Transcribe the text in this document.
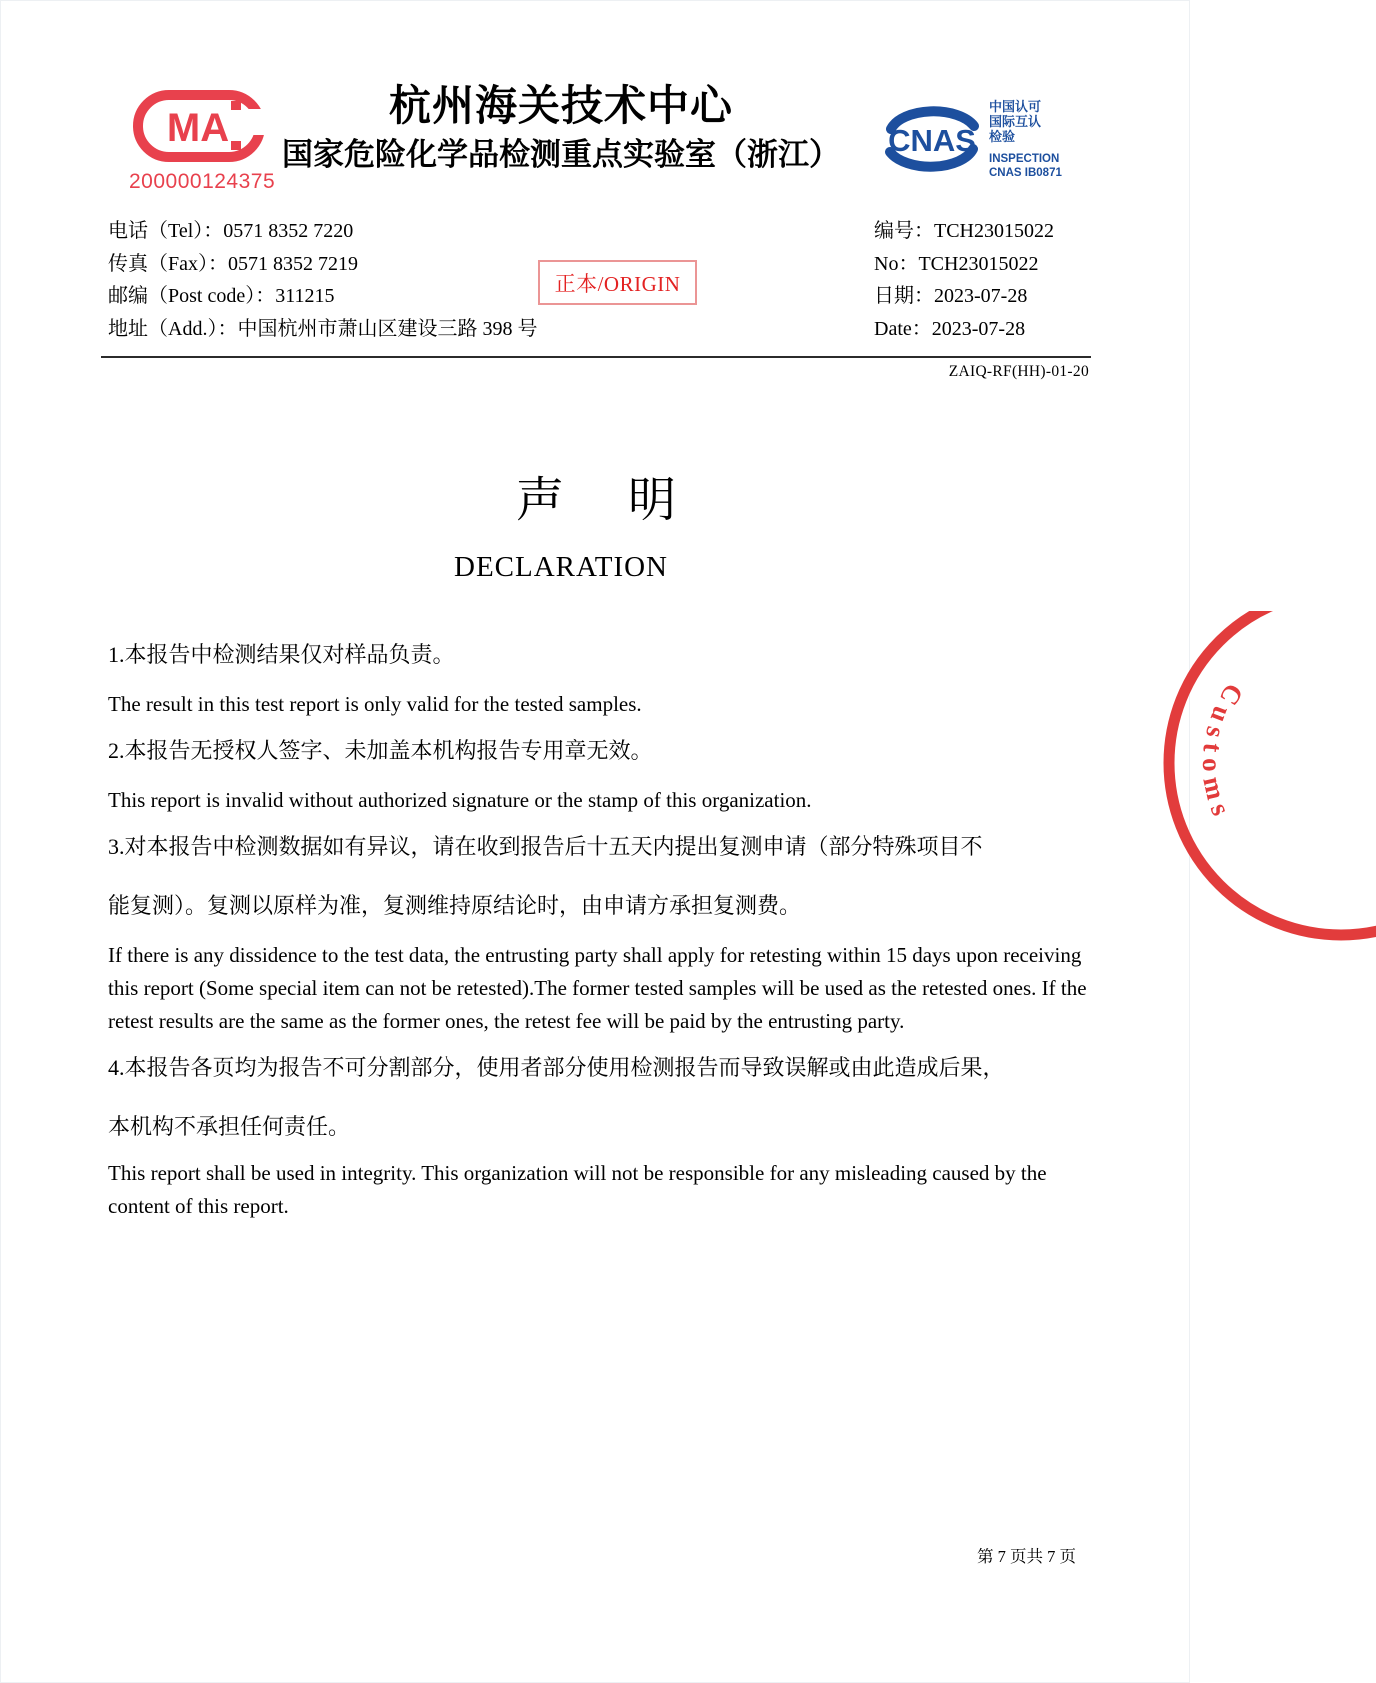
MA
200000124375
杭州海关技术中心
国家危险化学品检测重点实验室（浙江）	CNAS
中国认可
国际互认
检验
INSPECTION
CNAS IB0871
电话（Tel）：0571 8352 7220
传真（Fax）：0571 8352 7219
邮编（Post code）：311215
地址（Add.）：中国杭州市萧山区建设三路 398 号
正本/ORIGIN
编号：TCH23015022
No：TCH23015022
日期：2023-07-28
Date：2023-07-28
ZAIQ-RF(HH)-01-20
声 明
DECLARATION

1.本报告中检测结果仅对样品负责。

The result in this test report is only valid for the tested samples.

2.本报告无授权人签字、未加盖本机构报告专用章无效。

This report is invalid without authorized signature or the stamp of this organization.

3.对本报告中检测数据如有异议，请在收到报告后十五天内提出复测申请（部分特殊项目不

能复测）。复测以原样为准，复测维持原结论时，由申请方承担复测费。

If there is any dissidence to the test data, the entrusting party shall apply for retesting within 15 days upon receiving this report (Some special item can not be retested).The former tested samples will be used as the retested ones. If the retest results are the same as the former ones, the retest fee will be paid by the entrusting party.

4.本报告各页均为报告不可分割部分，使用者部分使用检测报告而导致误解或由此造成后果，

本机构不承担任何责任。

This report shall be used in integrity. This organization will not be responsible for any misleading caused by the content of this report.

Customs
第 7 页共 7 页
